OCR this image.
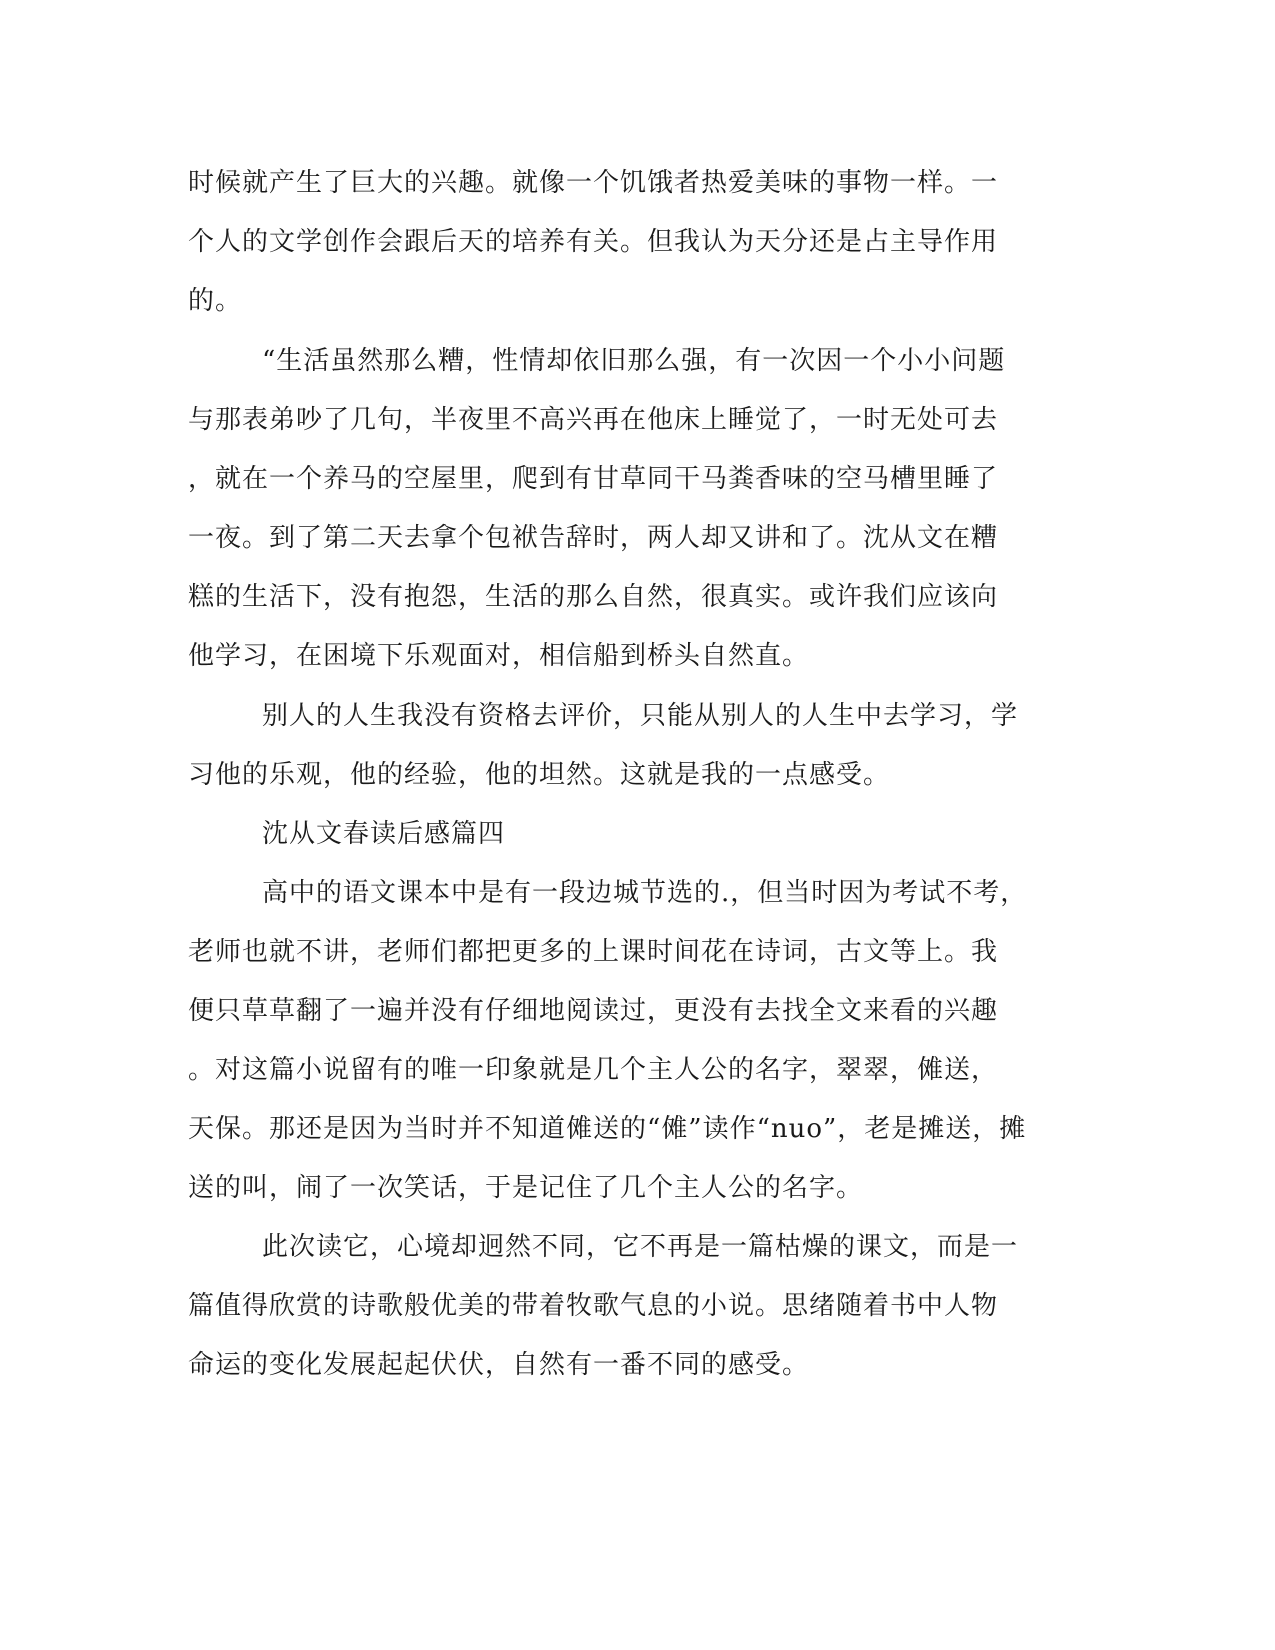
时候就产生了巨大的兴趣。就像一个饥饿者热爱美味的事物一样。一
个人的文学创作会跟后天的培养有关。但我认为天分还是占主导作用
的。
“生活虽然那么糟，性情却依旧那么强，有一次因一个小小问题
与那表弟吵了几句，半夜里不高兴再在他床上睡觉了，一时无处可去
，就在一个养马的空屋里，爬到有甘草同干马粪香味的空马槽里睡了
一夜。到了第二天去拿个包袱告辞时，两人却又讲和了。沈从文在糟
糕的生活下，没有抱怨，生活的那么自然，很真实。或许我们应该向
他学习，在困境下乐观面对，相信船到桥头自然直。
别人的人生我没有资格去评价，只能从别人的人生中去学习，学
习他的乐观，他的经验，他的坦然。这就是我的一点感受。
沈从文春读后感篇四
高中的语文课本中是有一段边城节选的.，但当时因为考试不考，
老师也就不讲，老师们都把更多的上课时间花在诗词，古文等上。我
便只草草翻了一遍并没有仔细地阅读过，更没有去找全文来看的兴趣
。对这篇小说留有的唯一印象就是几个主人公的名字，翠翠，傩送，
天保。那还是因为当时并不知道傩送的“傩”读作“nuo”，老是摊送，摊
送的叫，闹了一次笑话，于是记住了几个主人公的名字。
此次读它，心境却迥然不同，它不再是一篇枯燥的课文，而是一
篇值得欣赏的诗歌般优美的带着牧歌气息的小说。思绪随着书中人物
命运的变化发展起起伏伏，自然有一番不同的感受。
